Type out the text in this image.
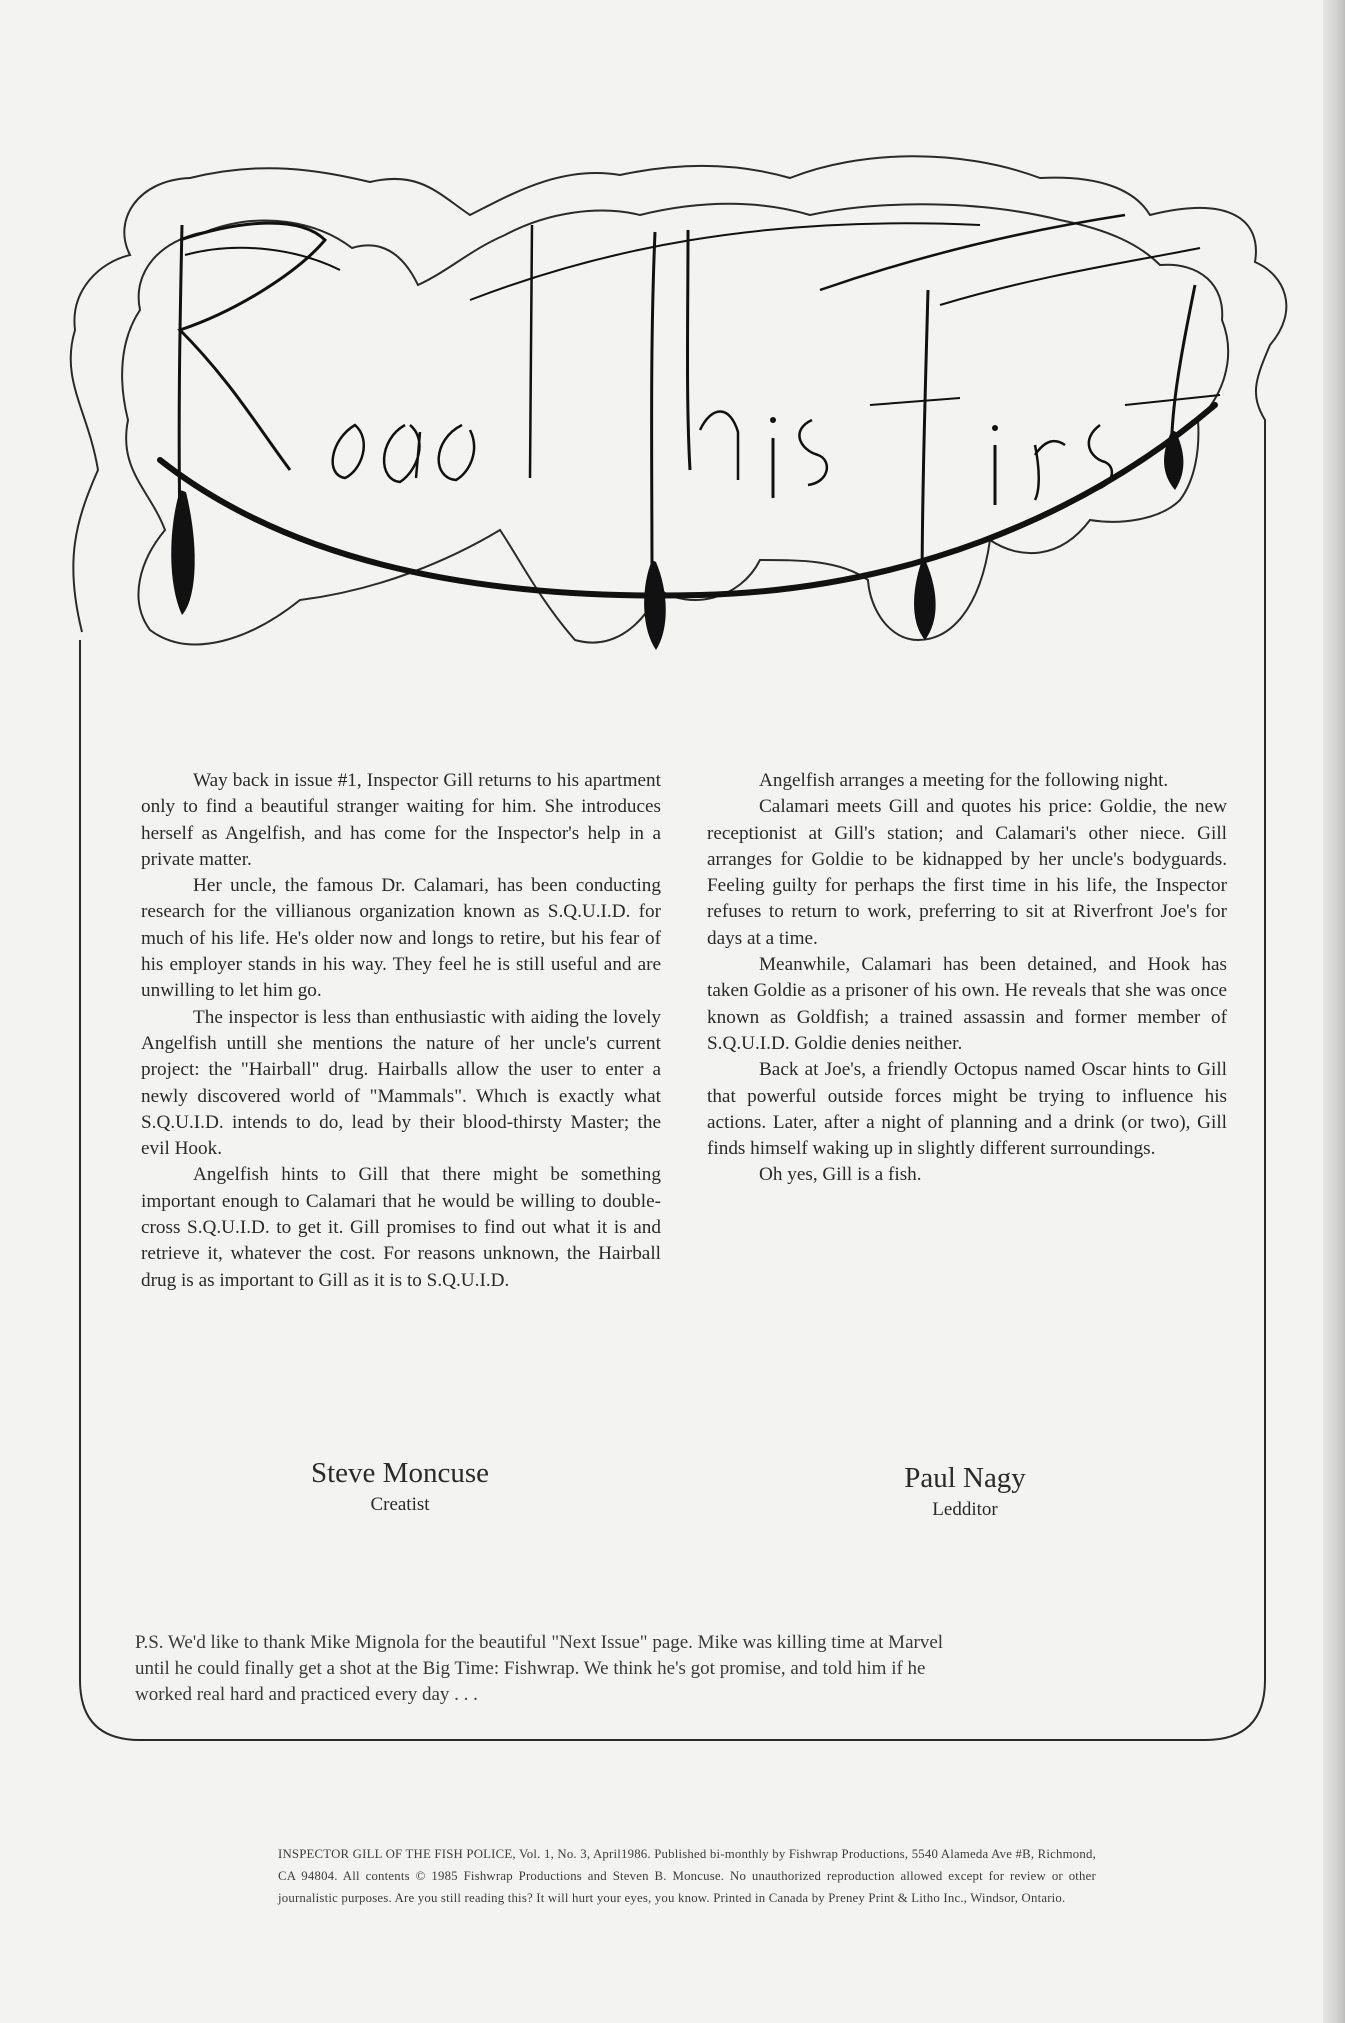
Way back in issue #1, Inspector Gill returns to his apartment only to find a beautiful stranger waiting for him. She introduces herself as Angelfish, and has come for the Inspector's help in a private matter.

Her uncle, the famous Dr. Calamari, has been conducting research for the villianous organization known as S.Q.U.I.D. for much of his life. He's older now and longs to retire, but his fear of his employer stands in his way. They feel he is still useful and are unwilling to let him go.

The inspector is less than enthusiastic with aiding the lovely Angelfish untill she mentions the nature of her uncle's current project: the "Hairball" drug. Hairballs allow the user to enter a newly discovered world of "Mammals". Whıch is exactly what S.Q.U.I.D. intends to do, lead by their blood-thirsty Master; the evil Hook.

Angelfish hints to Gill that there might be something important enough to Calamari that he would be willing to double-cross S.Q.U.I.D. to get it. Gill promises to find out what it is and retrieve it, whatever the cost. For reasons unknown, the Hairball drug is as important to Gill as it is to S.Q.U.I.D.

Angelfish arranges a meeting for the following night.

Calamari meets Gill and quotes his price: Goldie, the new receptionist at Gill's station; and Calamari's other niece. Gill arranges for Goldie to be kidnapped by her uncle's bodyguards. Feeling guilty for perhaps the first time in his life, the Inspector refuses to return to work, preferring to sit at Riverfront Joe's for days at a time.

Meanwhile, Calamari has been detained, and Hook has taken Goldie as a prisoner of his own. He reveals that she was once known as Goldfish; a trained assassin and former member of S.Q.U.I.D. Goldie denies neither.

Back at Joe's, a friendly Octopus named Oscar hints to Gill that powerful outside forces might be trying to influence his actions. Later, after a night of planning and a drink (or two), Gill finds himself waking up in slightly different surroundings.

Oh yes, Gill is a fish.

Steve Moncuse
Creatist
Paul Nagy
Ledditor

P.S. We'd like to thank Mike Mignola for the beautiful "Next Issue" page. Mike was killing time at Marvel until he could finally get a shot at the Big Time: Fishwrap. We think he's got promise, and told him if he worked real hard and practiced every day . . .

INSPECTOR GILL OF THE FISH POLICE, Vol. 1, No. 3, April1986. Published bi-monthly by Fishwrap Productions, 5540 Alameda Ave #B, Richmond, CA 94804. All contents © 1985 Fishwrap Productions and Steven B. Moncuse. No unauthorized reproduction allowed except for review or other journalistic purposes. Are you still reading this? It will hurt your eyes, you know. Printed in Canada by Preney Print & Litho Inc., Windsor, Ontario.
